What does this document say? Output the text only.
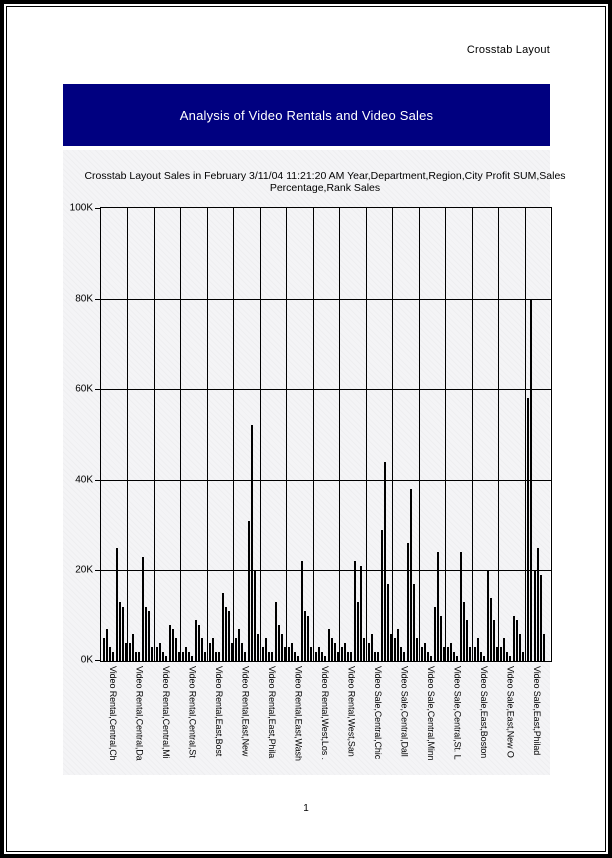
Crosstab Layout
Analysis of Video Rentals and Video Sales
Crosstab Layout Sales in February 3/11/04 11:21:20 AM Year,Department,Region,City Profit SUM,Sales
Percentage,Rank Sales
100K
80K
60K
40K
20K
0K
Video Rental,Central,Ch Video Rental,Central,Da Video Rental,Central,Mi Video Rental,Central,St Video Rental,East,Bost Video Rental,East,New Video Rental,East,Phila Video Rental,East,Wash Video Rental,West,Los . Video Rental,West,San Video Sale,Central,Chic Video Sale,Central,Dall Video Sale,Central,Minn Video Sale,Central,St. L Video Sale,East,Boston Video Sale,East,New O Video Sale,East,Philad
1
